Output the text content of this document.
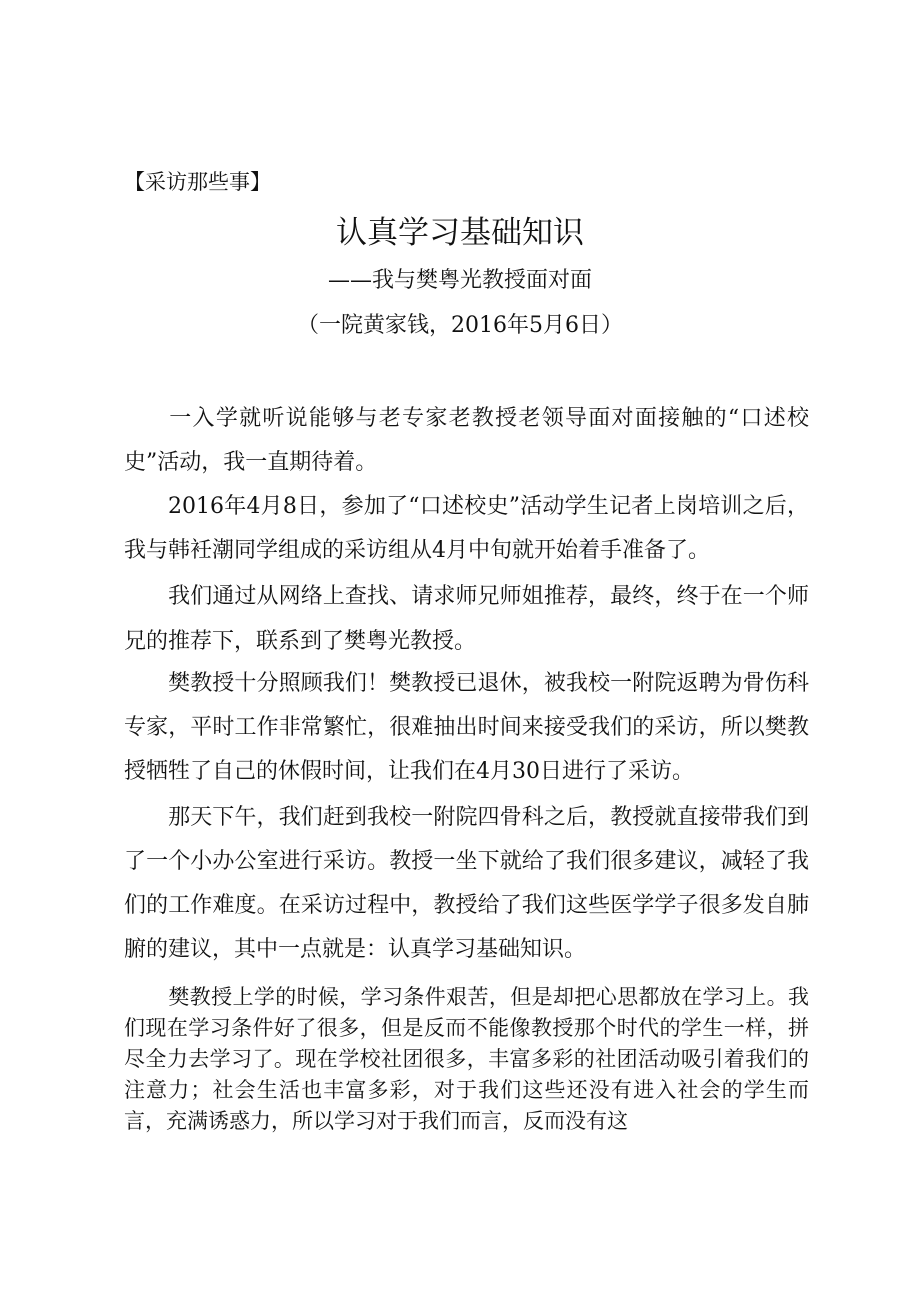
【采访那些事】
认真学习基础知识
——我与樊粤光教授面对面
（一院黄家钱，2016年5月6日）

一入学就听说能够与老专家老教授老领导面对面接触的“口述校史”活动，我一直期待着。

2016年4月8日，参加了“口述校史”活动学生记者上岗培训之后，我与韩衽潮同学组成的采访组从4月中旬就开始着手准备了。

我们通过从网络上查找、请求师兄师姐推荐，最终，终于在一个师兄的推荐下，联系到了樊粤光教授。

樊教授十分照顾我们！樊教授已退休，被我校一附院返聘为骨伤科专家，平时工作非常繁忙，很难抽出时间来接受我们的采访，所以樊教授牺牲了自己的休假时间，让我们在4月30日进行了采访。

那天下午，我们赶到我校一附院四骨科之后，教授就直接带我们到了一个小办公室进行采访。教授一坐下就给了我们很多建议，减轻了我们的工作难度。在采访过程中，教授给了我们这些医学学子很多发自肺腑的建议，其中一点就是：认真学习基础知识。

樊教授上学的时候，学习条件艰苦，但是却把心思都放在学习上。我们现在学习条件好了很多，但是反而不能像教授那个时代的学生一样，拼尽全力去学习了。现在学校社团很多，丰富多彩的社团活动吸引着我们的注意力；社会生活也丰富多彩，对于我们这些还没有进入社会的学生而言，充满诱惑力，所以学习对于我们而言，反而没有这
